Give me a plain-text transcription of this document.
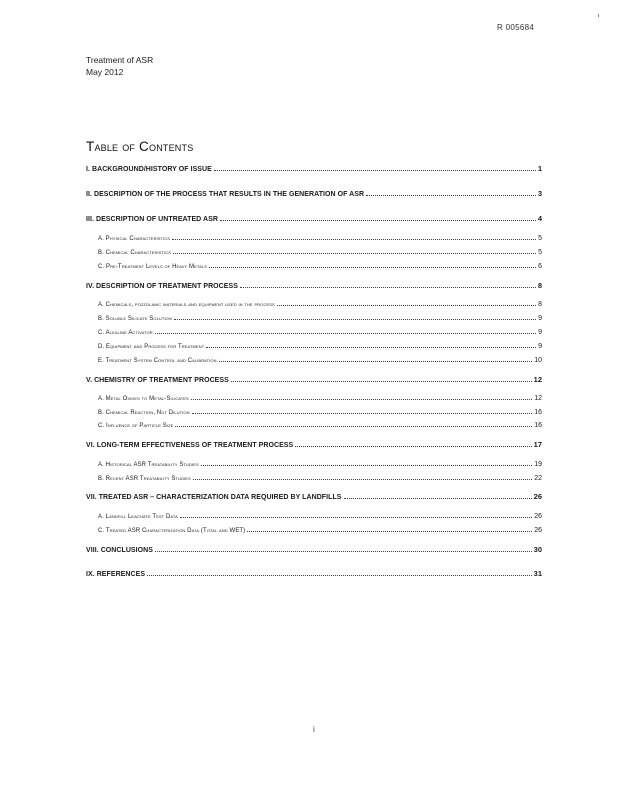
R 005684
Treatment of ASR
May 2012
Table of Contents
I. BACKGROUND/HISTORY OF ISSUE	1
II. DESCRIPTION OF THE PROCESS THAT RESULTS IN THE GENERATION OF ASR	3
III. DESCRIPTION OF UNTREATED ASR	4
A. Physical Characteristics	5
B. Chemical Characteristics	5
C. Pre-Treatment Levels of Heavy Metals	6
IV. DESCRIPTION OF TREATMENT PROCESS	8
A. Chemicals, pozzolanic materials and equipment used in the process	8
B. Soluble Silicate Solution	9
C. Alkaline Activator	9
D. Equipment and Process for Treatment	9
E. Treatment System Control and Calibration	10
V. CHEMISTRY OF TREATMENT PROCESS	12
A. Metal Oxides to Metal-Silicates	12
B. Chemical Reaction, Not Dilution	16
C. Influence of Particle Size	16
VI. LONG-TERM EFFECTIVENESS OF TREATMENT PROCESS	17
A. Historical ASR Treatability Studies	19
B. Recent ASR Treatability Studies	22
VII. TREATED ASR – CHARACTERIZATION DATA REQUIRED BY LANDFILLS	26
A. Landfill Leachate Test Data	26
C. Treated ASR Characterization Data (Total and WET)	26
VIII. CONCLUSIONS	30
IX. REFERENCES	31
i
